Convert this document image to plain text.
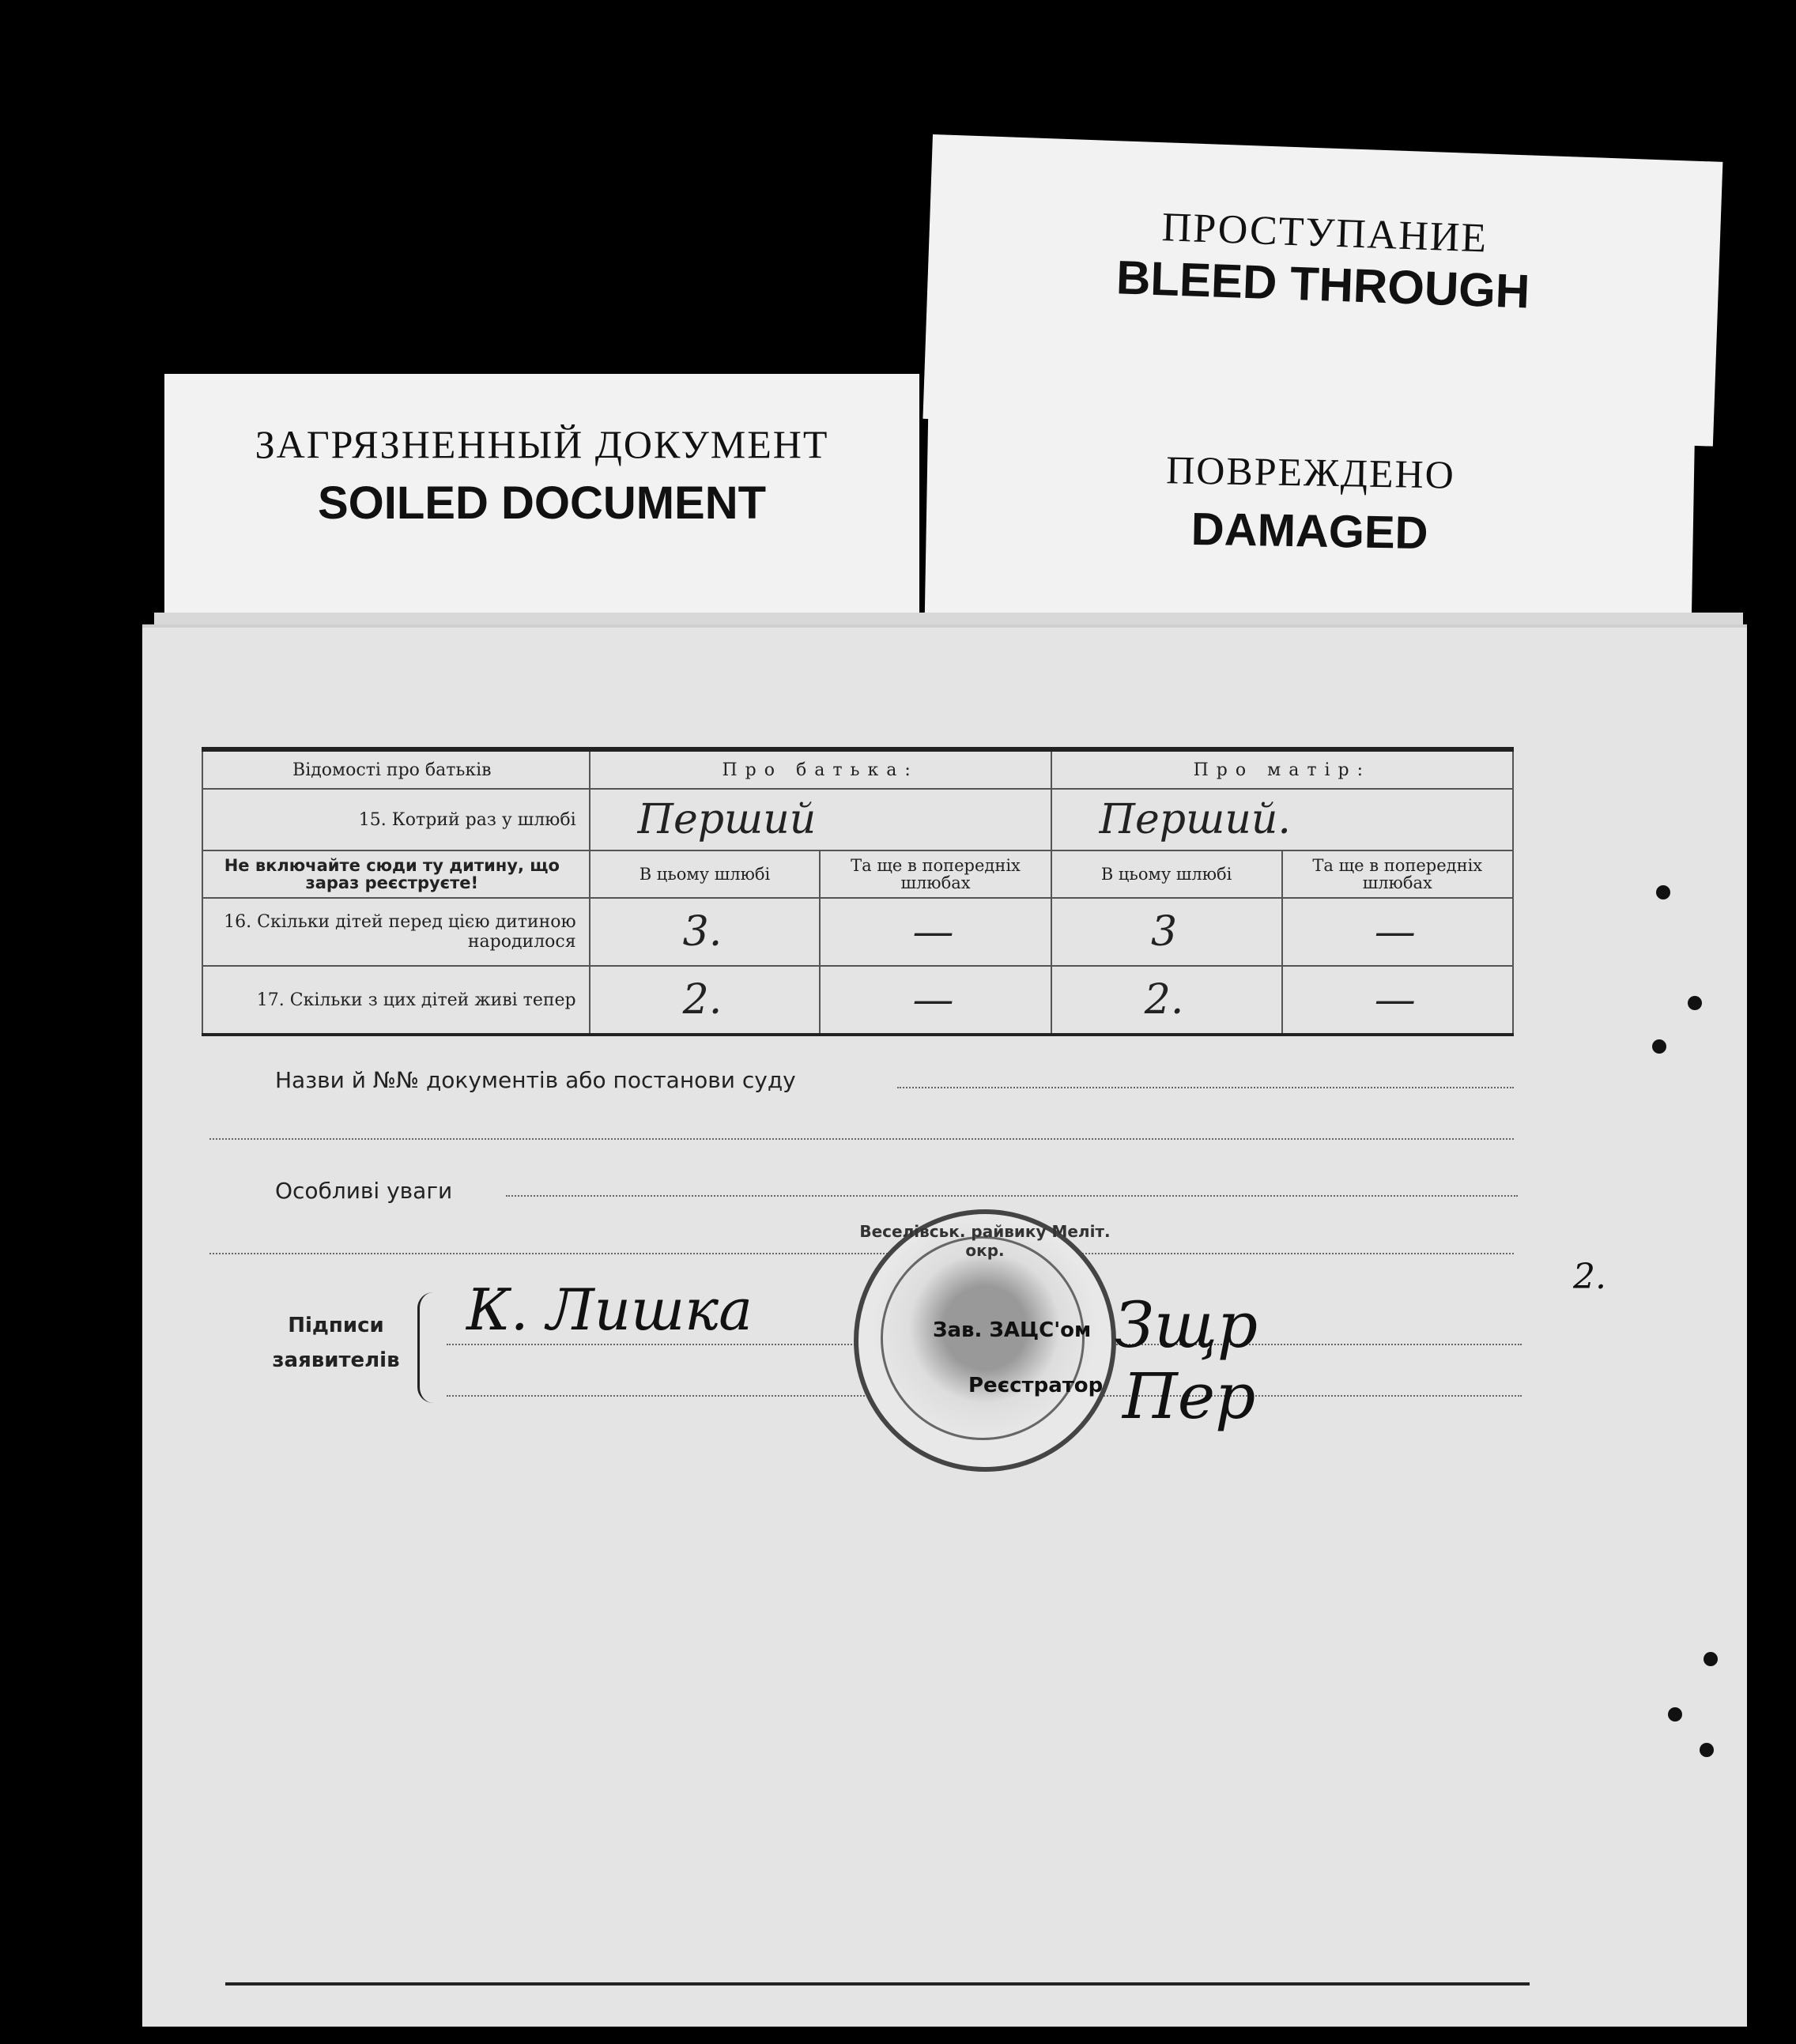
ПРОСТУПАНИЕ
BLEED THROUGH
ЗАГРЯЗНЕННЫЙ ДОКУМЕНТ
SOILED DOCUMENT
ПОВРЕЖДЕНО
DAMAGED
Відомості про батьків	Про батька:		Про матір:	
15. Котрий раз у шлюбі	Перший		Перший.	
Не включайте сюди ту дитину, що зараз реєструєте!	В цьому шлюбі	Та ще в попередніх шлюбах	В цьому шлюбі	Та ще в попередніх шлюбах
16. Скільки дітей перед цією дитиною народилося	3.	—	3	—
17. Скільки з цих дітей живі тепер	2.	—	2.	—
Назви й №№ документів або постанови суду
Особливі уваги
Підписи
заявителів
К. Лишка
Веселівськ. райвику Меліт. окр.
Зав. ЗАЦС'ом
Реєстратор
Зщр
Пер
2.
